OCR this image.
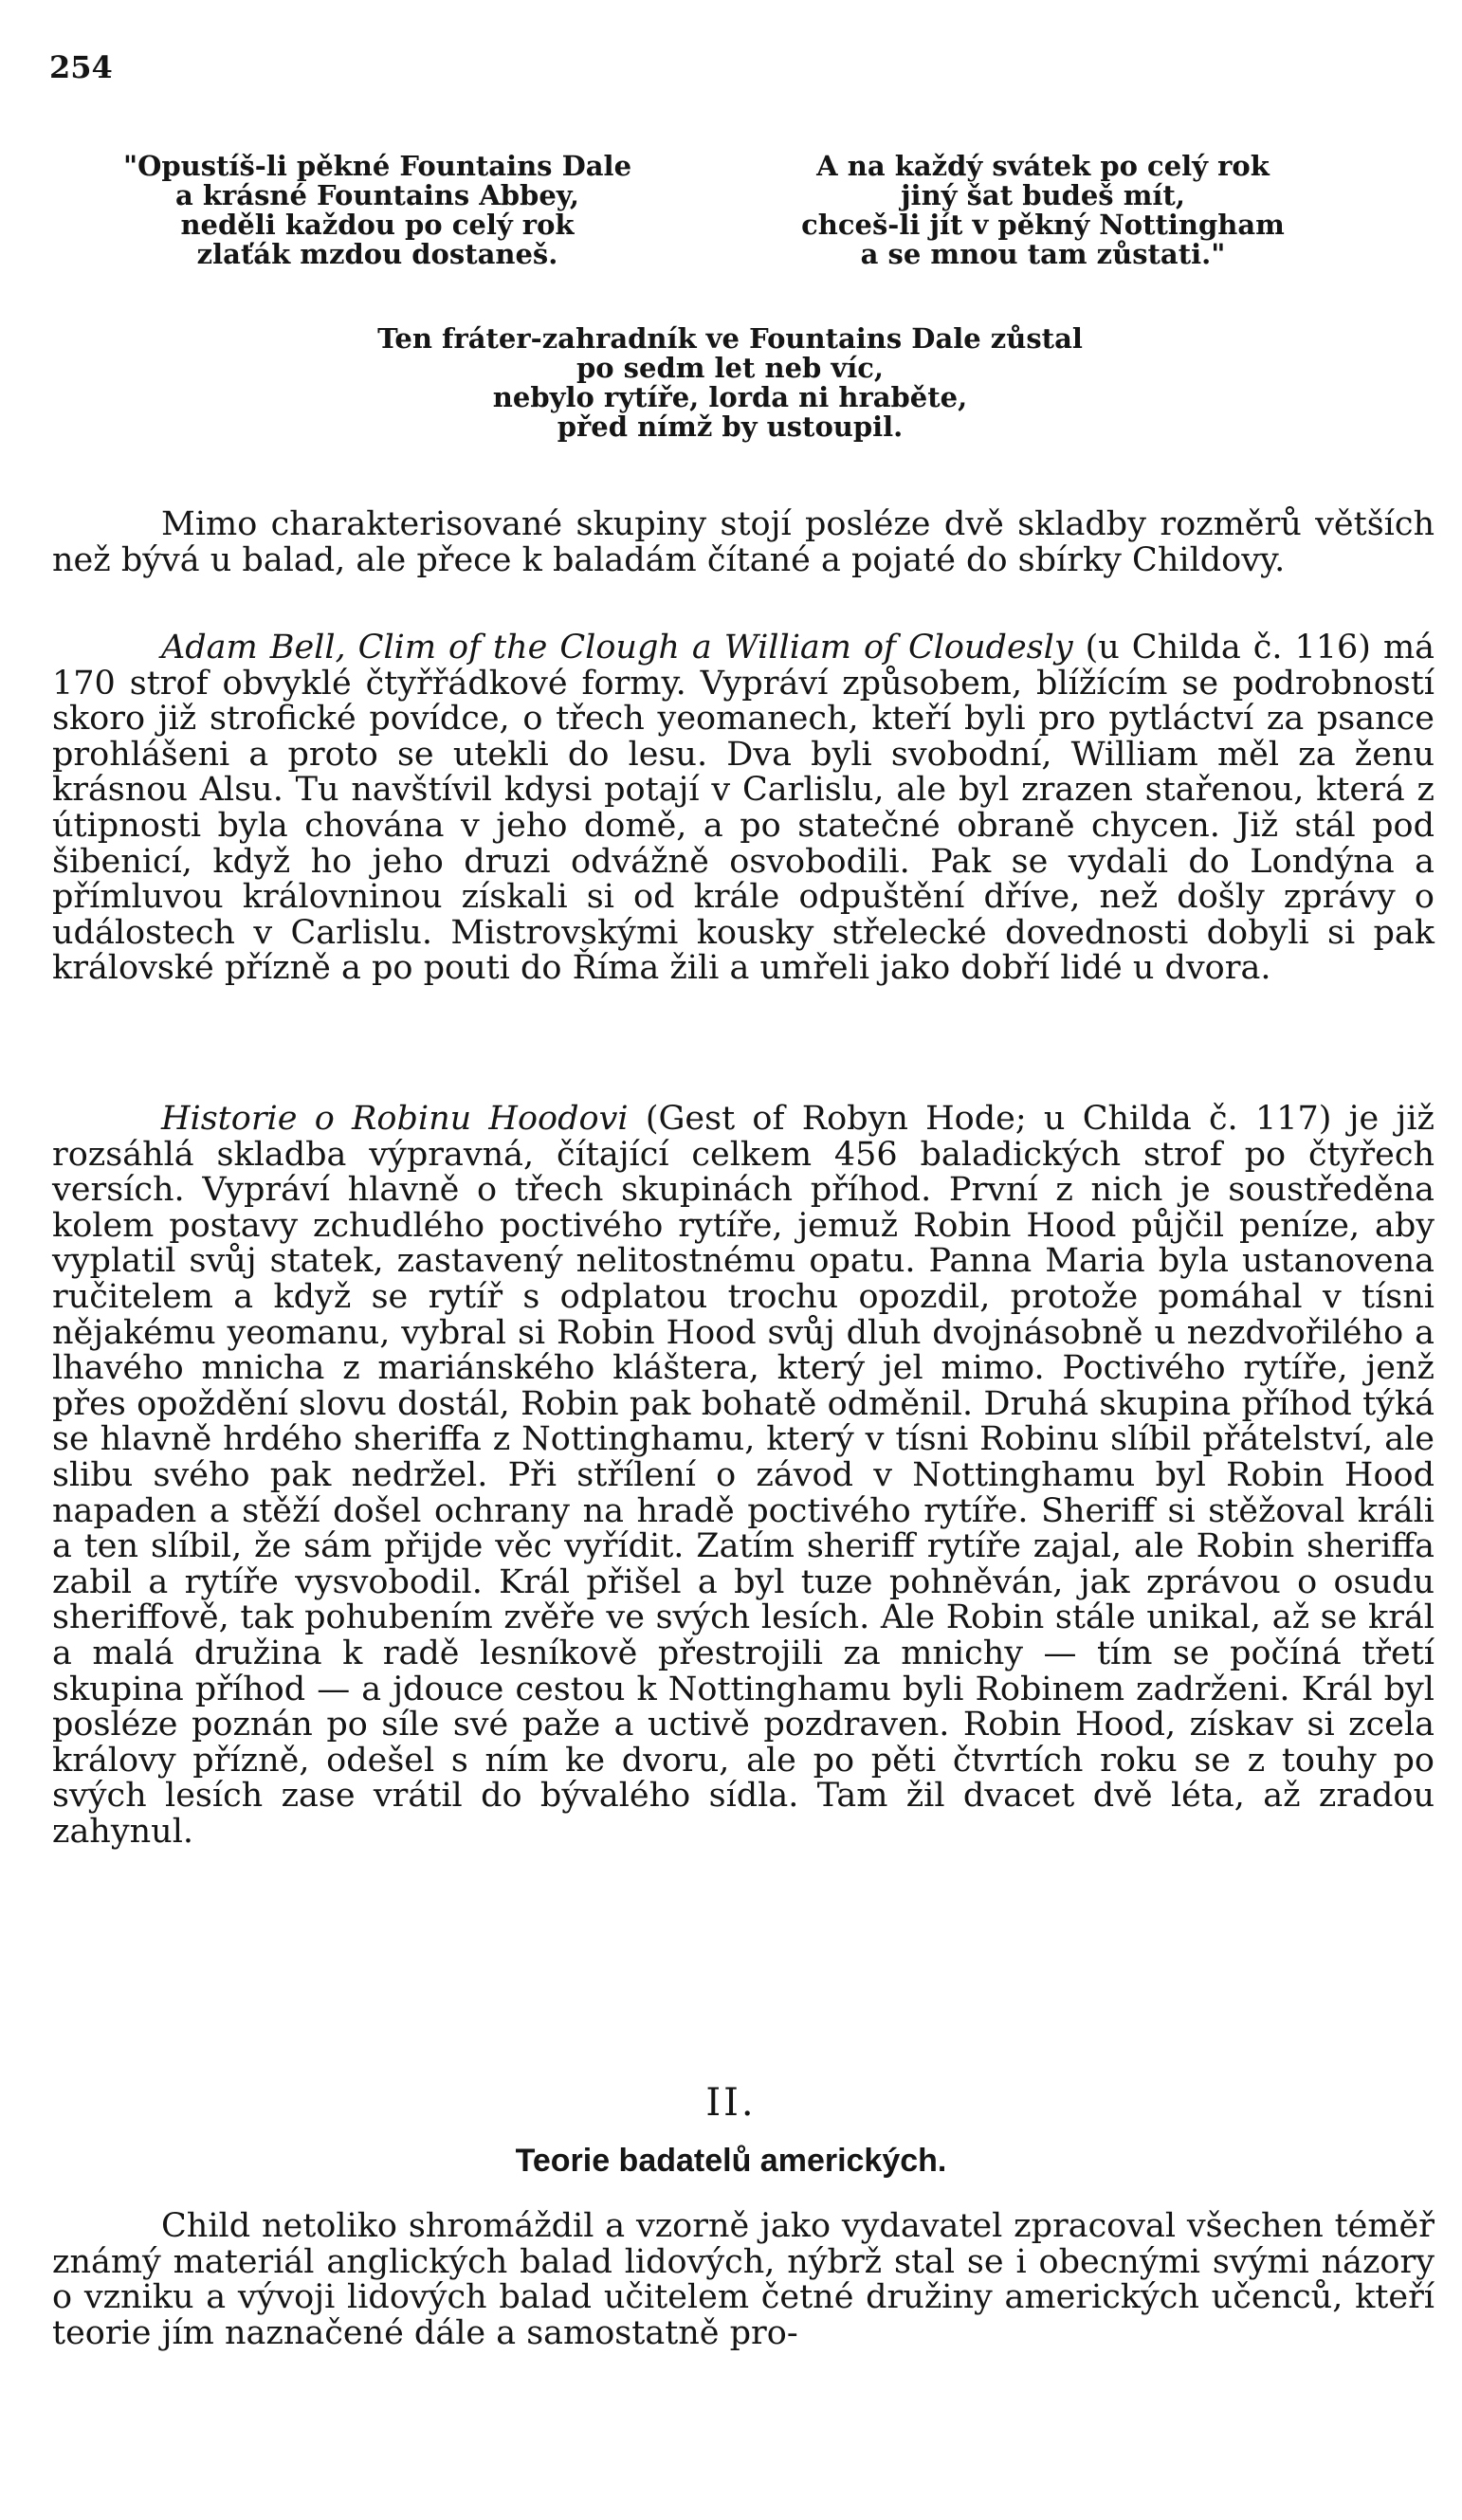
254
"Opustíš-li pěkné Fountains Dale
a krásné Fountains Abbey,
neděli každou po celý rok
zlaťák mzdou dostaneš.
A na každý svátek po celý rok
jiný šat budeš mít,
chceš-li jít v pěkný Nottingham
a se mnou tam zůstati."
Ten fráter-zahradník ve Fountains Dale zůstal
po sedm let neb víc,
nebylo rytíře, lorda ni hraběte,
před nímž by ustoupil.

Mimo charakterisované skupiny stojí posléze dvě skladby rozměrů větších než bývá u balad, ale přece k baladám čítané a pojaté do sbírky Childovy.

Adam Bell, Clim of the Clough a William of Cloudesly (u Childa č. 116) má 170 strof obvyklé čtyřřádkové formy. Vypráví způsobem, blížícím se podrobností skoro již strofické povídce, o třech yeomanech, kteří byli pro pytláctví za psance prohlášeni a proto se utekli do lesu. Dva byli svobodní, William měl za ženu krásnou Alsu. Tu navštívil kdysi potají v Carlislu, ale byl zrazen stařenou, která z útipnosti byla chována v jeho domě, a po statečné obraně chycen. Již stál pod šibenicí, když ho jeho druzi odvážně osvobodili. Pak se vydali do Londýna a přímluvou královninou získali si od krále odpuštění dříve, než došly zprávy o událostech v Carlislu. Mistrovskými kousky střelecké dovednosti dobyli si pak královské přízně a po pouti do Říma žili a umřeli jako dobří lidé u dvora.

Historie o Robinu Hoodovi (Gest of Robyn Hode; u Childa č. 117) je již rozsáhlá skladba výpravná, čítající celkem 456 baladických strof po čtyřech versích. Vypráví hlavně o třech skupinách příhod. První z nich je soustředěna kolem postavy zchudlého poctivého rytíře, jemuž Robin Hood půjčil peníze, aby vyplatil svůj statek, zastavený nelitostnému opatu. Panna Maria byla ustanovena ručitelem a když se rytíř s odplatou trochu opozdil, protože pomáhal v tísni nějakému yeomanu, vybral si Robin Hood svůj dluh dvojnásobně u nezdvořilého a lhavého mnicha z mariánského kláštera, který jel mimo. Poctivého rytíře, jenž přes opoždění slovu dostál, Robin pak bohatě odměnil. Druhá skupina příhod týká se hlavně hrdého sheriffa z Nottinghamu, který v tísni Robinu slíbil přátelství, ale slibu svého pak nedržel. Při střílení o závod v Nottinghamu byl Robin Hood napaden a stěží došel ochrany na hradě poctivého rytíře. Sheriff si stěžoval králi a ten slíbil, že sám přijde věc vyřídit. Zatím sheriff rytíře zajal, ale Robin sheriffa zabil a rytíře vysvobodil. Král přišel a byl tuze pohněván, jak zprávou o osudu sheriffově, tak pohubením zvěře ve svých lesích. Ale Robin stále unikal, až se král a malá družina k radě lesníkově přestrojili za mnichy — tím se počíná třetí skupina příhod — a jdouce cestou k Nottinghamu byli Robinem zadrženi. Král byl posléze poznán po síle své paže a uctivě pozdraven. Robin Hood, získav si zcela královy přízně, odešel s ním ke dvoru, ale po pěti čtvrtích roku se z touhy po svých lesích zase vrátil do bývalého sídla. Tam žil dvacet dvě léta, až zradou zahynul.

II.
Teorie badatelů amerických.

Child netoliko shromáždil a vzorně jako vydavatel zpracoval všechen téměř známý materiál anglických balad lidových, nýbrž stal se i obecnými svými názory o vzniku a vývoji lidových balad učitelem četné družiny amerických učenců, kteří teorie jím naznačené dále a samostatně pro-
